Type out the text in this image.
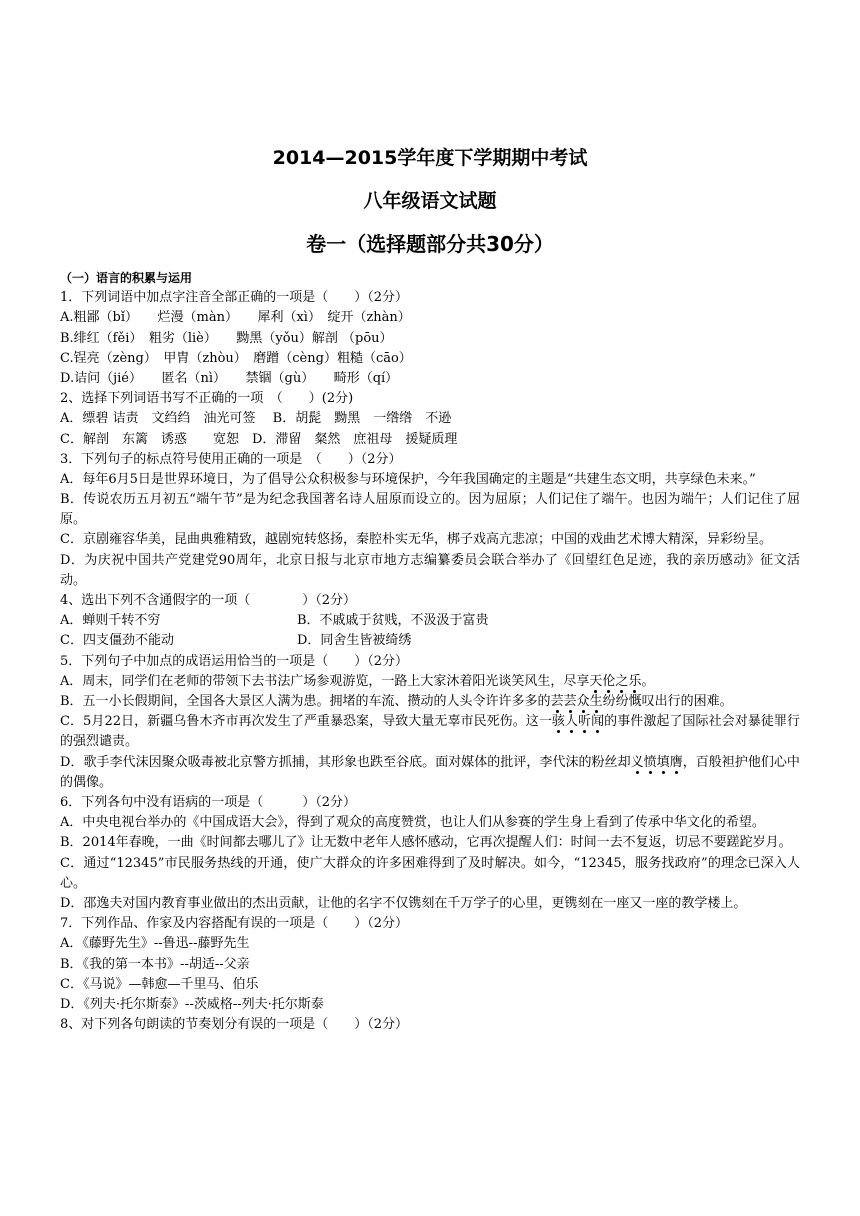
2014—2015学年度下学期期中考试
八年级语文试题
卷一（选择题部分共30分）
（一）语言的积累与运用
1．下列词语中加点字注音全部正确的一项是（　　）（2分）
A.粗鄙（bǐ）　　烂漫（màn）　　犀利（xì）　绽开（zhàn）
B.绯红（fěi）　粗劣（liè）　　黝黑（yǒu）解剖 （pōu）
C.锃亮（zèng）　甲胄（zhòu）　磨蹭（cèng）粗糙（cāo）
D.诘问（jié）　　匿名（nì）　　禁锢（gù）　　畸形（qí）
2、选择下列词语书写不正确的一项　（　　）(2分)
A．缥碧 诘责　文绉绉　油光可签　 B．胡髭　黝黑　一绺绺　不逊
C．解剖　东篱　诱惑　　宽恕　D．滞留　粲然　庶祖母　援疑质理
3．下列句子的标点符号使用正确的一项是　（　　）（2分）
A．每年6月5日是世界环境日，为了倡导公众积极参与环境保护，今年我国确定的主题是“共建生态文明，共享绿色未来。”
B．传说农历五月初五“端午节”是为纪念我国著名诗人屈原而设立的。因为屈原；人们记住了端午。也因为端午；人们记住了屈原。
C．京剧雍容华美，昆曲典雅精致，越剧宛转悠扬，秦腔朴实无华，梆子戏高亢悲凉；中国的戏曲艺术博大精深，异彩纷呈。
D．为庆祝中国共产党建党90周年，北京日报与北京市地方志编纂委员会联合举办了《回望红色足迹，我的亲历感动》征文活动。
4、选出下列不含通假字的一项（　　　　）（2分）
A．蝉则千转不穷	B．不戚戚于贫贱，不汲汲于富贵
C．四支僵劲不能动	D．同舍生皆被绮绣
5．下列句子中加点的成语运用恰当的一项是（　　）（2分）
A．周末，同学们在老师的带领下去书法广场参观游览，一路上大家沐着阳光谈笑风生，尽享天伦之乐。
B．五一小长假期间，全国各大景区人满为患。拥堵的车流、攒动的人头令许许多多的芸芸众生纷纷慨叹出行的困难。
C．5月22日，新疆乌鲁木齐市再次发生了严重暴恐案，导致大量无辜市民死伤。这一骇人听闻的事件激起了国际社会对暴徒罪行的强烈谴责。
D．歌手李代沫因聚众吸毒被北京警方抓捕，其形象也跌至谷底。面对媒体的批评，李代沫的粉丝却义愤填膺，百般袒护他们心中的偶像。
6．下列各句中没有语病的一项是（　　　）（2分）
A．中央电视台举办的《中国成语大会》，得到了观众的高度赞赏，也让人们从参赛的学生身上看到了传承中华文化的希望。
B．2014年春晚，一曲《时间都去哪儿了》让无数中老年人感怀感动，它再次提醒人们：时间一去不复返，切忌不要蹉跎岁月。
C．通过“12345”市民服务热线的开通，使广大群众的许多困难得到了及时解决。如今，“12345，服务找政府”的理念已深入人心。
D．邵逸夫对国内教育事业做出的杰出贡献，让他的名字不仅镌刻在千万学子的心里，更镌刻在一座又一座的教学楼上。
7．下列作品、作家及内容搭配有误的一项是（　　）（2分）
A．《藤野先生》--鲁迅--藤野先生
B．《我的第一本书》--胡适--父亲
C．《马说》—韩愈—千里马、伯乐
D．《列夫·托尔斯泰》--茨威格--列夫·托尔斯泰
8、对下列各句朗读的节奏划分有误的一项是（　　）（2分）
